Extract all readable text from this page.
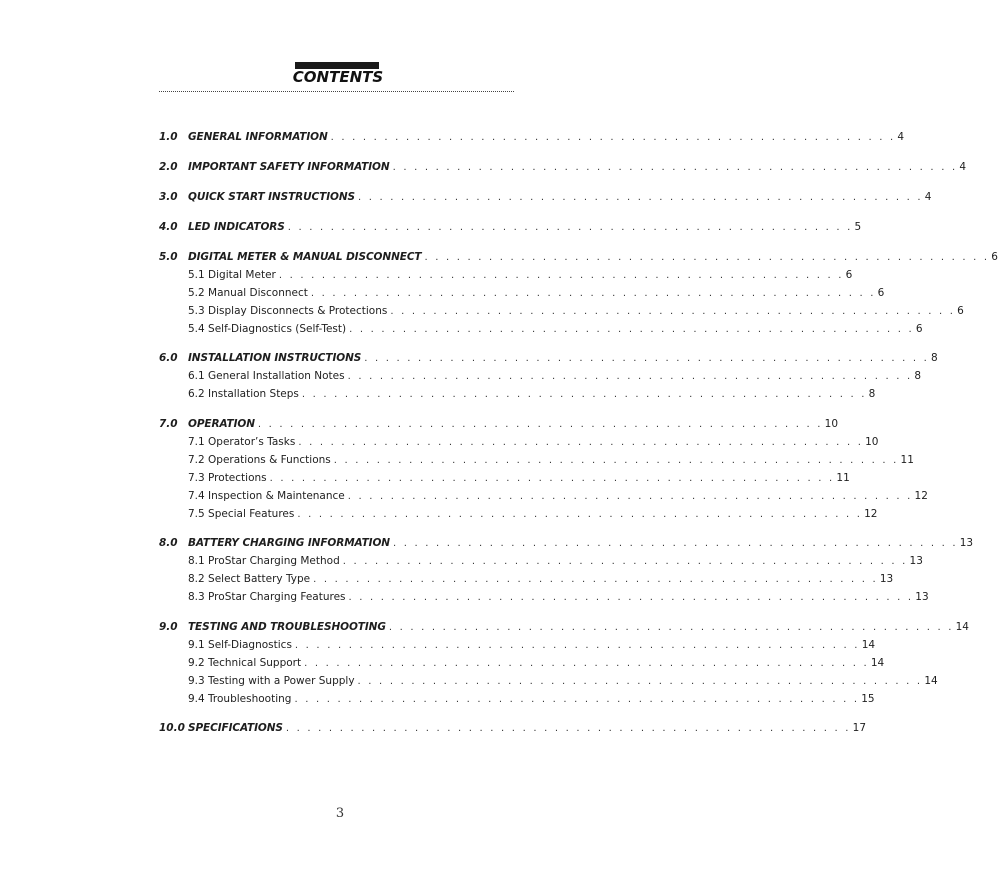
CONTENTS
1.0 GENERAL INFORMATION . . . . . . . . . . . . . . . . . . . . . . . . . . . . . . . . . . . . . . . . . . . . . . . . . . . . . 4
2.0 IMPORTANT SAFETY INFORMATION . . . . . . . . . . . . . . . . . . . . . . . . . . . . . . . . . . . . . . . . . . . . . . . . . . . . . 4
3.0 QUICK START INSTRUCTIONS . . . . . . . . . . . . . . . . . . . . . . . . . . . . . . . . . . . . . . . . . . . . . . . . . . . . . 4
4.0 LED INDICATORS . . . . . . . . . . . . . . . . . . . . . . . . . . . . . . . . . . . . . . . . . . . . . . . . . . . . . 5
5.0 DIGITAL METER & MANUAL DISCONNECT . . . . . . . . . . . . . . . . . . . . . . . . . . . . . . . . . . . . . . . . . . . . . . . . . . . . . 6
5.1 Digital Meter . . . . . . . . . . . . . . . . . . . . . . . . . . . . . . . . . . . . . . . . . . . . . . . . . . . . . 6
5.2 Manual Disconnect . . . . . . . . . . . . . . . . . . . . . . . . . . . . . . . . . . . . . . . . . . . . . . . . . . . . . 6
5.3 Display Disconnects & Protections . . . . . . . . . . . . . . . . . . . . . . . . . . . . . . . . . . . . . . . . . . . . . . . . . . . . . 6
5.4 Self-Diagnostics (Self-Test) . . . . . . . . . . . . . . . . . . . . . . . . . . . . . . . . . . . . . . . . . . . . . . . . . . . . . 6
6.0 INSTALLATION INSTRUCTIONS . . . . . . . . . . . . . . . . . . . . . . . . . . . . . . . . . . . . . . . . . . . . . . . . . . . . . 8
6.1 General Installation Notes . . . . . . . . . . . . . . . . . . . . . . . . . . . . . . . . . . . . . . . . . . . . . . . . . . . . . 8
6.2 Installation Steps . . . . . . . . . . . . . . . . . . . . . . . . . . . . . . . . . . . . . . . . . . . . . . . . . . . . . 8
7.0 OPERATION . . . . . . . . . . . . . . . . . . . . . . . . . . . . . . . . . . . . . . . . . . . . . . . . . . . . . 10
7.1 Operator’s Tasks . . . . . . . . . . . . . . . . . . . . . . . . . . . . . . . . . . . . . . . . . . . . . . . . . . . . . 10
7.2 Operations & Functions . . . . . . . . . . . . . . . . . . . . . . . . . . . . . . . . . . . . . . . . . . . . . . . . . . . . . 11
7.3 Protections . . . . . . . . . . . . . . . . . . . . . . . . . . . . . . . . . . . . . . . . . . . . . . . . . . . . . 11
7.4 Inspection & Maintenance . . . . . . . . . . . . . . . . . . . . . . . . . . . . . . . . . . . . . . . . . . . . . . . . . . . . . 12
7.5 Special Features . . . . . . . . . . . . . . . . . . . . . . . . . . . . . . . . . . . . . . . . . . . . . . . . . . . . . 12
8.0 BATTERY CHARGING INFORMATION . . . . . . . . . . . . . . . . . . . . . . . . . . . . . . . . . . . . . . . . . . . . . . . . . . . . . 13
8.1 ProStar Charging Method . . . . . . . . . . . . . . . . . . . . . . . . . . . . . . . . . . . . . . . . . . . . . . . . . . . . . 13
8.2 Select Battery Type . . . . . . . . . . . . . . . . . . . . . . . . . . . . . . . . . . . . . . . . . . . . . . . . . . . . . 13
8.3 ProStar Charging Features . . . . . . . . . . . . . . . . . . . . . . . . . . . . . . . . . . . . . . . . . . . . . . . . . . . . . 13
9.0 TESTING AND TROUBLESHOOTING . . . . . . . . . . . . . . . . . . . . . . . . . . . . . . . . . . . . . . . . . . . . . . . . . . . . . 14
9.1 Self-Diagnostics . . . . . . . . . . . . . . . . . . . . . . . . . . . . . . . . . . . . . . . . . . . . . . . . . . . . . 14
9.2 Technical Support . . . . . . . . . . . . . . . . . . . . . . . . . . . . . . . . . . . . . . . . . . . . . . . . . . . . . 14
9.3 Testing with a Power Supply . . . . . . . . . . . . . . . . . . . . . . . . . . . . . . . . . . . . . . . . . . . . . . . . . . . . . 14
9.4 Troubleshooting . . . . . . . . . . . . . . . . . . . . . . . . . . . . . . . . . . . . . . . . . . . . . . . . . . . . . 15
10.0 SPECIFICATIONS . . . . . . . . . . . . . . . . . . . . . . . . . . . . . . . . . . . . . . . . . . . . . . . . . . . . . 17
3
